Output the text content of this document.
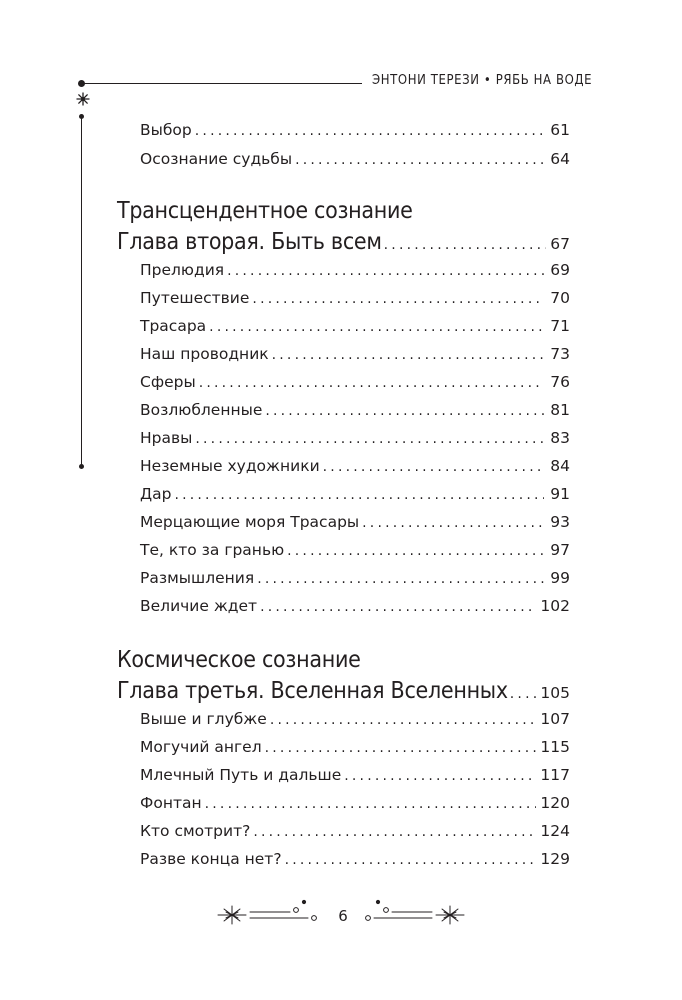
ЭНТОНИ ТЕРЕЗИ • РЯБЬ НА ВОДЕ
Выбор .....	61
Осознание судьбы .....	64
Трансцендентное сознание
Глава вторая. Быть всем .....	67
Прелюдия .....	69
Путешествие .....	70
Трасара .....	71
Наш проводник .....	73
Сферы .....	76
Возлюбленные .....	81
Нравы .....	83
Неземные художники .....	84
Дар .....	91
Мерцающие моря Трасары .....	93
Те, кто за гранью .....	97
Размышления .....	99
Величие ждет .....	102
Космическое сознание
Глава третья. Вселенная Вселенных ..... 105
Выше и глубже .....	107
Могучий ангел .....	115
Млечный Путь и дальше .....	117
Фонтан .....	120
Кто смотрит? .....	124
Разве конца нет? .....	129
6
